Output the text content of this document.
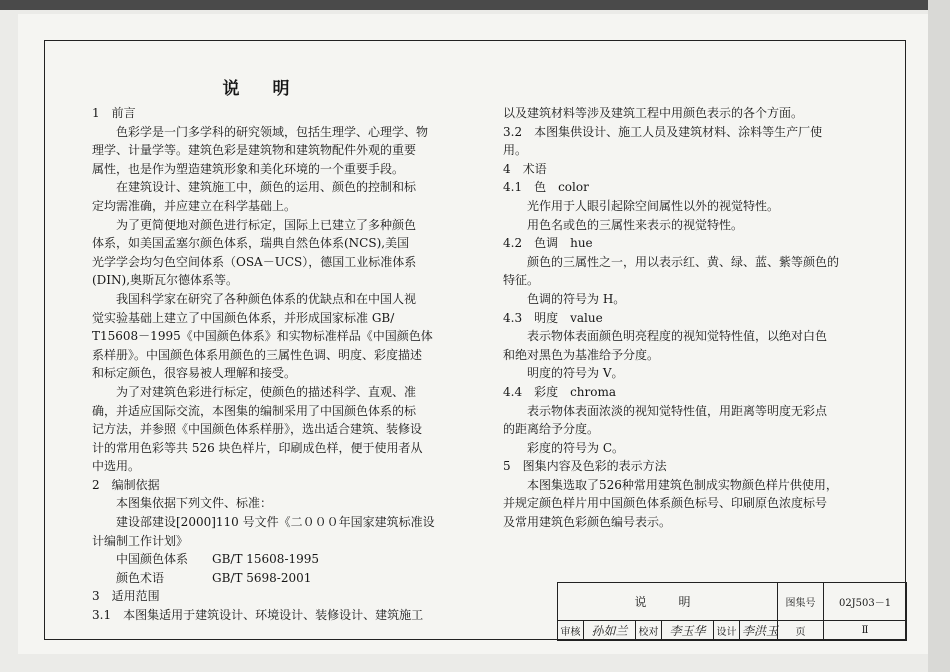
说　明

1　前言

色彩学是一门多学科的研究领域，包括生理学、心理学、物

理学、计量学等。建筑色彩是建筑物和建筑物配件外观的重要

属性，也是作为塑造建筑形象和美化环境的一个重要手段。

在建筑设计、建筑施工中，颜色的运用、颜色的控制和标

定均需准确，并应建立在科学基础上。

为了更简便地对颜色进行标定，国际上已建立了多种颜色

体系，如美国孟塞尔颜色体系，瑞典自然色体系(NCS),美国

光学学会均匀色空间体系（OSA－UCS），德国工业标准体系

(DIN),奥斯瓦尔德体系等。

我国科学家在研究了各种颜色体系的优缺点和在中国人视

觉实验基础上建立了中国颜色体系，并形成国家标准 GB/

T15608－1995《中国颜色体系》和实物标准样品《中国颜色体

系样册》。中国颜色体系用颜色的三属性色调、明度、彩度描述

和标定颜色，很容易被人理解和接受。

为了对建筑色彩进行标定，使颜色的描述科学、直观、准

确，并适应国际交流，本图集的编制采用了中国颜色体系的标

记方法，并参照《中国颜色体系样册》，选出适合建筑、装修设

计的常用色彩等共 526 块色样片，印刷成色样，便于使用者从

中选用。

2　编制依据

本图集依据下列文件、标准：

建设部建设[2000]110 号文件《二０００年国家建筑标准设

计编制工作计划》

中国颜色体系	GB/T 15608-1995

颜色术语	GB/T 5698-2001

3　适用范围

3.1　本图集适用于建筑设计、环境设计、装修设计、建筑施工

以及建筑材料等涉及建筑工程中用颜色表示的各个方面。

3.2　本图集供设计、施工人员及建筑材料、涂料等生产厂使

用。

4　术语

4.1　色　color

光作用于人眼引起除空间属性以外的视觉特性。

用色名或色的三属性来表示的视觉特性。

4.2　色调　hue

颜色的三属性之一，用以表示红、黄、绿、蓝、紫等颜色的

特征。

色调的符号为 H。

4.3　明度　value

表示物体表面颜色明亮程度的视知觉特性值，以绝对白色

和绝对黑色为基准给予分度。

明度的符号为 V。

4.4　彩度　chroma

表示物体表面浓淡的视知觉特性值，用距离等明度无彩点

的距离给予分度。

彩度的符号为 C。

5　图集内容及色彩的表示方法

本图集选取了526种常用建筑色制成实物颜色样片供使用，

并规定颜色样片用中国颜色体系颜色标号、印刷原色浓度标号

及常用建筑色彩颜色编号表示。

说　明						图集号	02J503－1
审核	孙如兰	校对	李玉华	设计	李洪玉	页	Ⅱ
